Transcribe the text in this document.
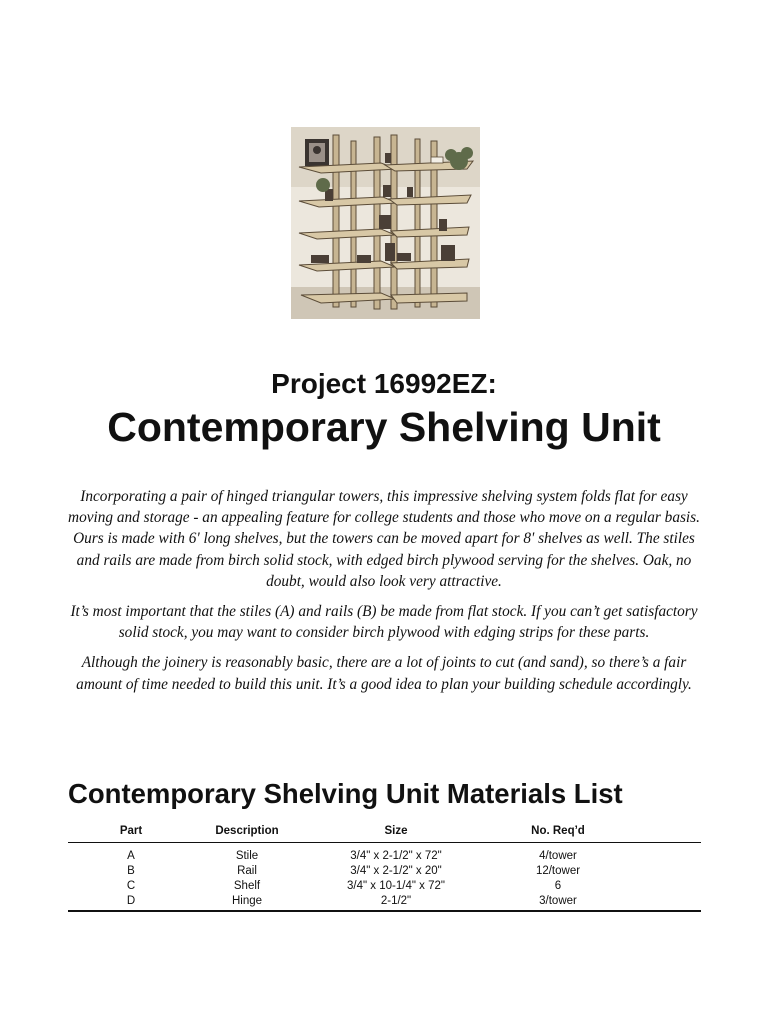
Project 16992EZ:
Contemporary Shelving Unit

Incorporating a pair of hinged triangular towers, this impressive shelving system folds flat for easy moving and storage - an appealing feature for college students and those who move on a regular basis. Ours is made with 6' long shelves, but the towers can be moved apart for 8' shelves as well. The stiles and rails are made from birch solid stock, with edged birch plywood serving for the shelves. Oak, no doubt, would also look very attractive.

It’s most important that the stiles (A) and rails (B) be made from flat stock. If you can’t get satisfactory solid stock, you may want to consider birch plywood with edging strips for these parts.

Although the joinery is reasonably basic, there are a lot of joints to cut (and sand), so there’s a fair amount of time needed to build this unit. It’s a good idea to plan your building schedule accordingly.

Contemporary Shelving Unit Materials List
Part	Description	Size	No. Req’d	
A	Stile	3/4" x 2-1/2" x 72"	4/tower	
B	Rail	3/4" x 2-1/2" x 20"	12/tower	
C	Shelf	3/4" x 10-1/4" x 72"	6	
D	Hinge	2-1/2"	3/tower	
